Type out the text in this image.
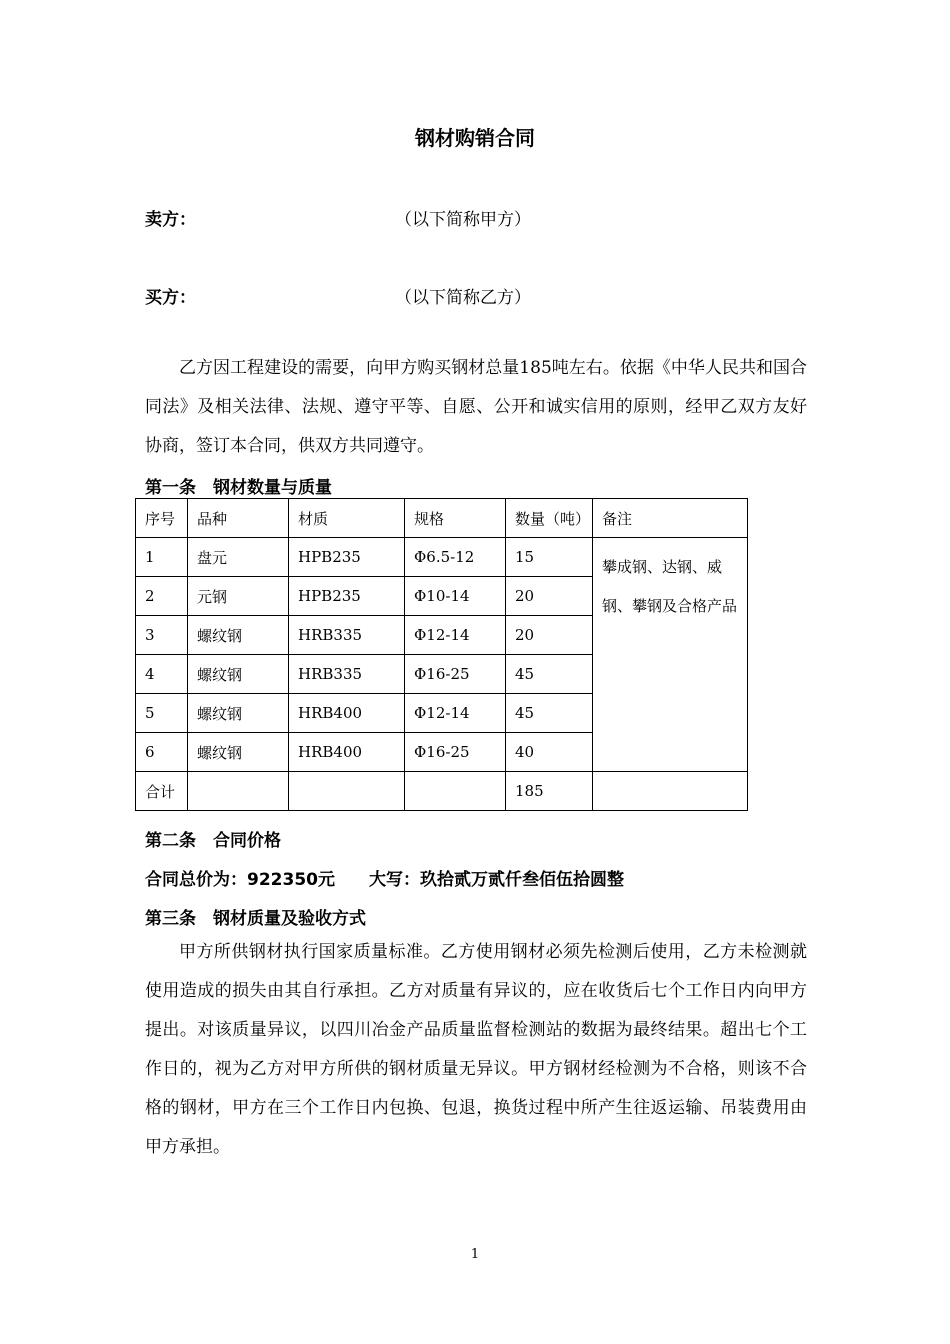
钢材购销合同
卖方：	（以下简称甲方）
买方：	（以下简称乙方）

乙方因工程建设的需要，向甲方购买钢材总量185吨左右。依据《中华人民共和国合同法》及相关法律、法规、遵守平等、自愿、公开和诚实信用的原则，经甲乙双方友好协商，签订本合同，供双方共同遵守。

第一条　钢材数量与质量
序号	品种	材质	规格	数量（吨）	备注
1	盘元	HPB235	Φ6.5-12	15	攀成钢、达钢、威钢、攀钢及合格产品
2	元钢	HPB235	Φ10-14	20	
3	螺纹钢	HRB335	Φ12-14	20	
4	螺纹钢	HRB335	Φ16-25	45	
5	螺纹钢	HRB400	Φ12-14	45	
6	螺纹钢	HRB400	Φ16-25	40	
合计				185	
第二条　合同价格
合同总价为：922350元　　大写：玖拾贰万贰仟叁佰伍拾圆整
第三条　钢材质量及验收方式

甲方所供钢材执行国家质量标准。乙方使用钢材必须先检测后使用，乙方未检测就使用造成的损失由其自行承担。乙方对质量有异议的，应在收货后七个工作日内向甲方提出。对该质量异议，以四川冶金产品质量监督检测站的数据为最终结果。超出七个工作日的，视为乙方对甲方所供的钢材质量无异议。甲方钢材经检测为不合格，则该不合格的钢材，甲方在三个工作日内包换、包退，换货过程中所产生往返运输、吊装费用由甲方承担。

1
